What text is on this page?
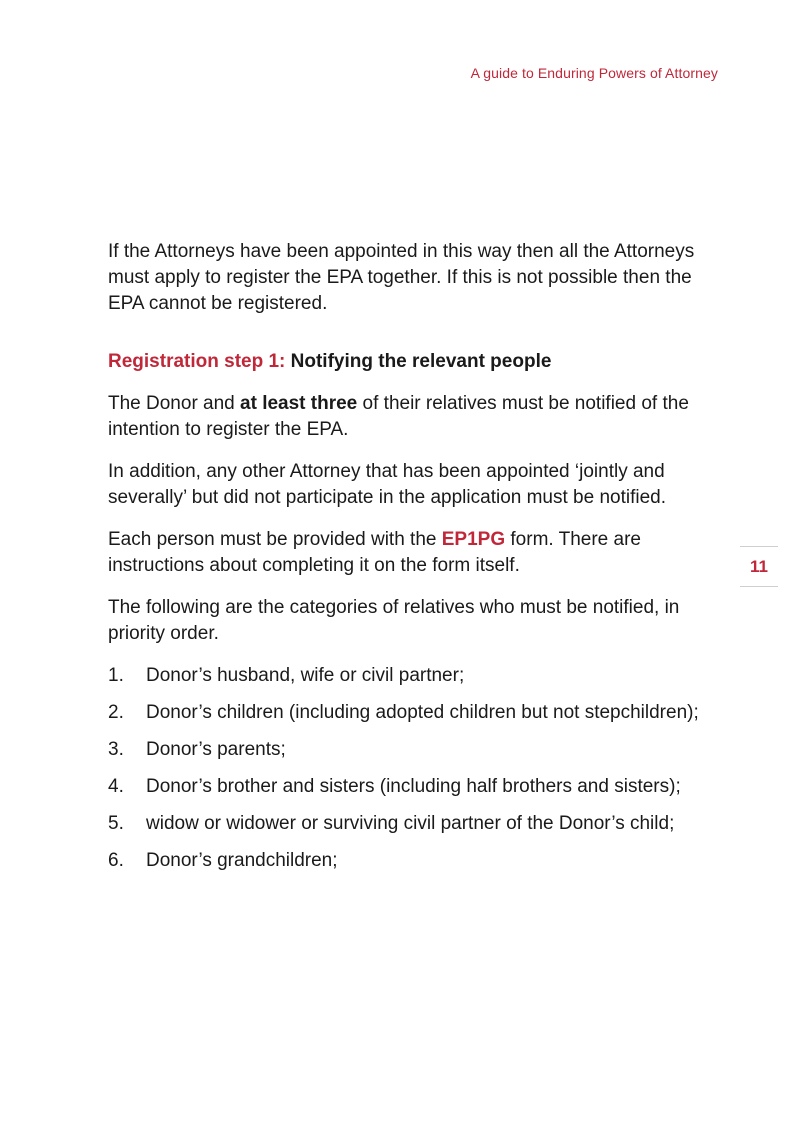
A guide to Enduring Powers of Attorney

If the Attorneys have been appointed in this way then all the Attorneys must apply to register the EPA together. If this is not possible then the EPA cannot be registered.

Registration step 1: Notifying the relevant people

The Donor and at least three of their relatives must be notified of the intention to register the EPA.

In addition, any other Attorney that has been appointed ‘jointly and severally’ but did not participate in the application must be notified.

Each person must be provided with the EP1PG form. There are instructions about completing it on the form itself.

The following are the categories of relatives who must be notified, in priority order.

1. Donor’s husband, wife or civil partner;
2. Donor’s children (including adopted children but not stepchildren);
3. Donor’s parents;
4. Donor’s brother and sisters (including half brothers and sisters);
5. widow or widower or surviving civil partner of the Donor’s child;
6. Donor’s grandchildren;
11
